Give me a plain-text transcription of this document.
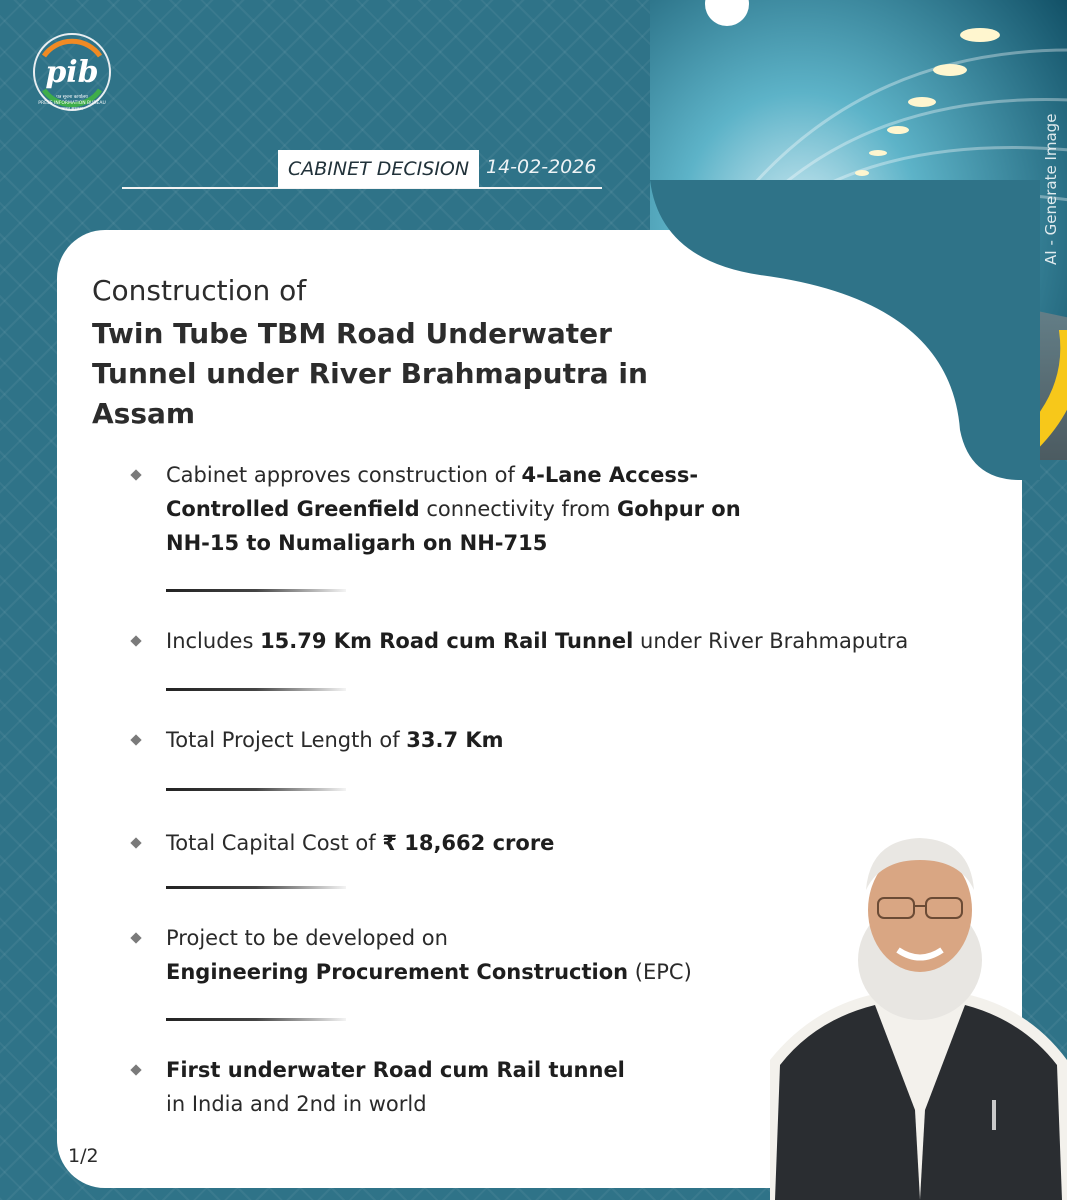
pib
पत्र सूचना कार्यालय
PRESS INFORMATION BUREAU
भारत सरकार
CABINET DECISION 14-02-2026	AI - Generate Image
Construction of
Twin Tube TBM Road Underwater Tunnel under River Brahmaputra in Assam
Cabinet approves construction of 4-Lane Access-Controlled Greenfield connectivity from Gohpur on NH-15 to Numaligarh on NH-715
Includes 15.79 Km Road cum Rail Tunnel under River Brahmaputra
Total Project Length of 33.7 Km
Total Capital Cost of ₹ 18,662 crore
Project to be developed on
Engineering Procurement Construction (EPC)
First underwater Road cum Rail tunnel
in India and 2nd in world
1/2
